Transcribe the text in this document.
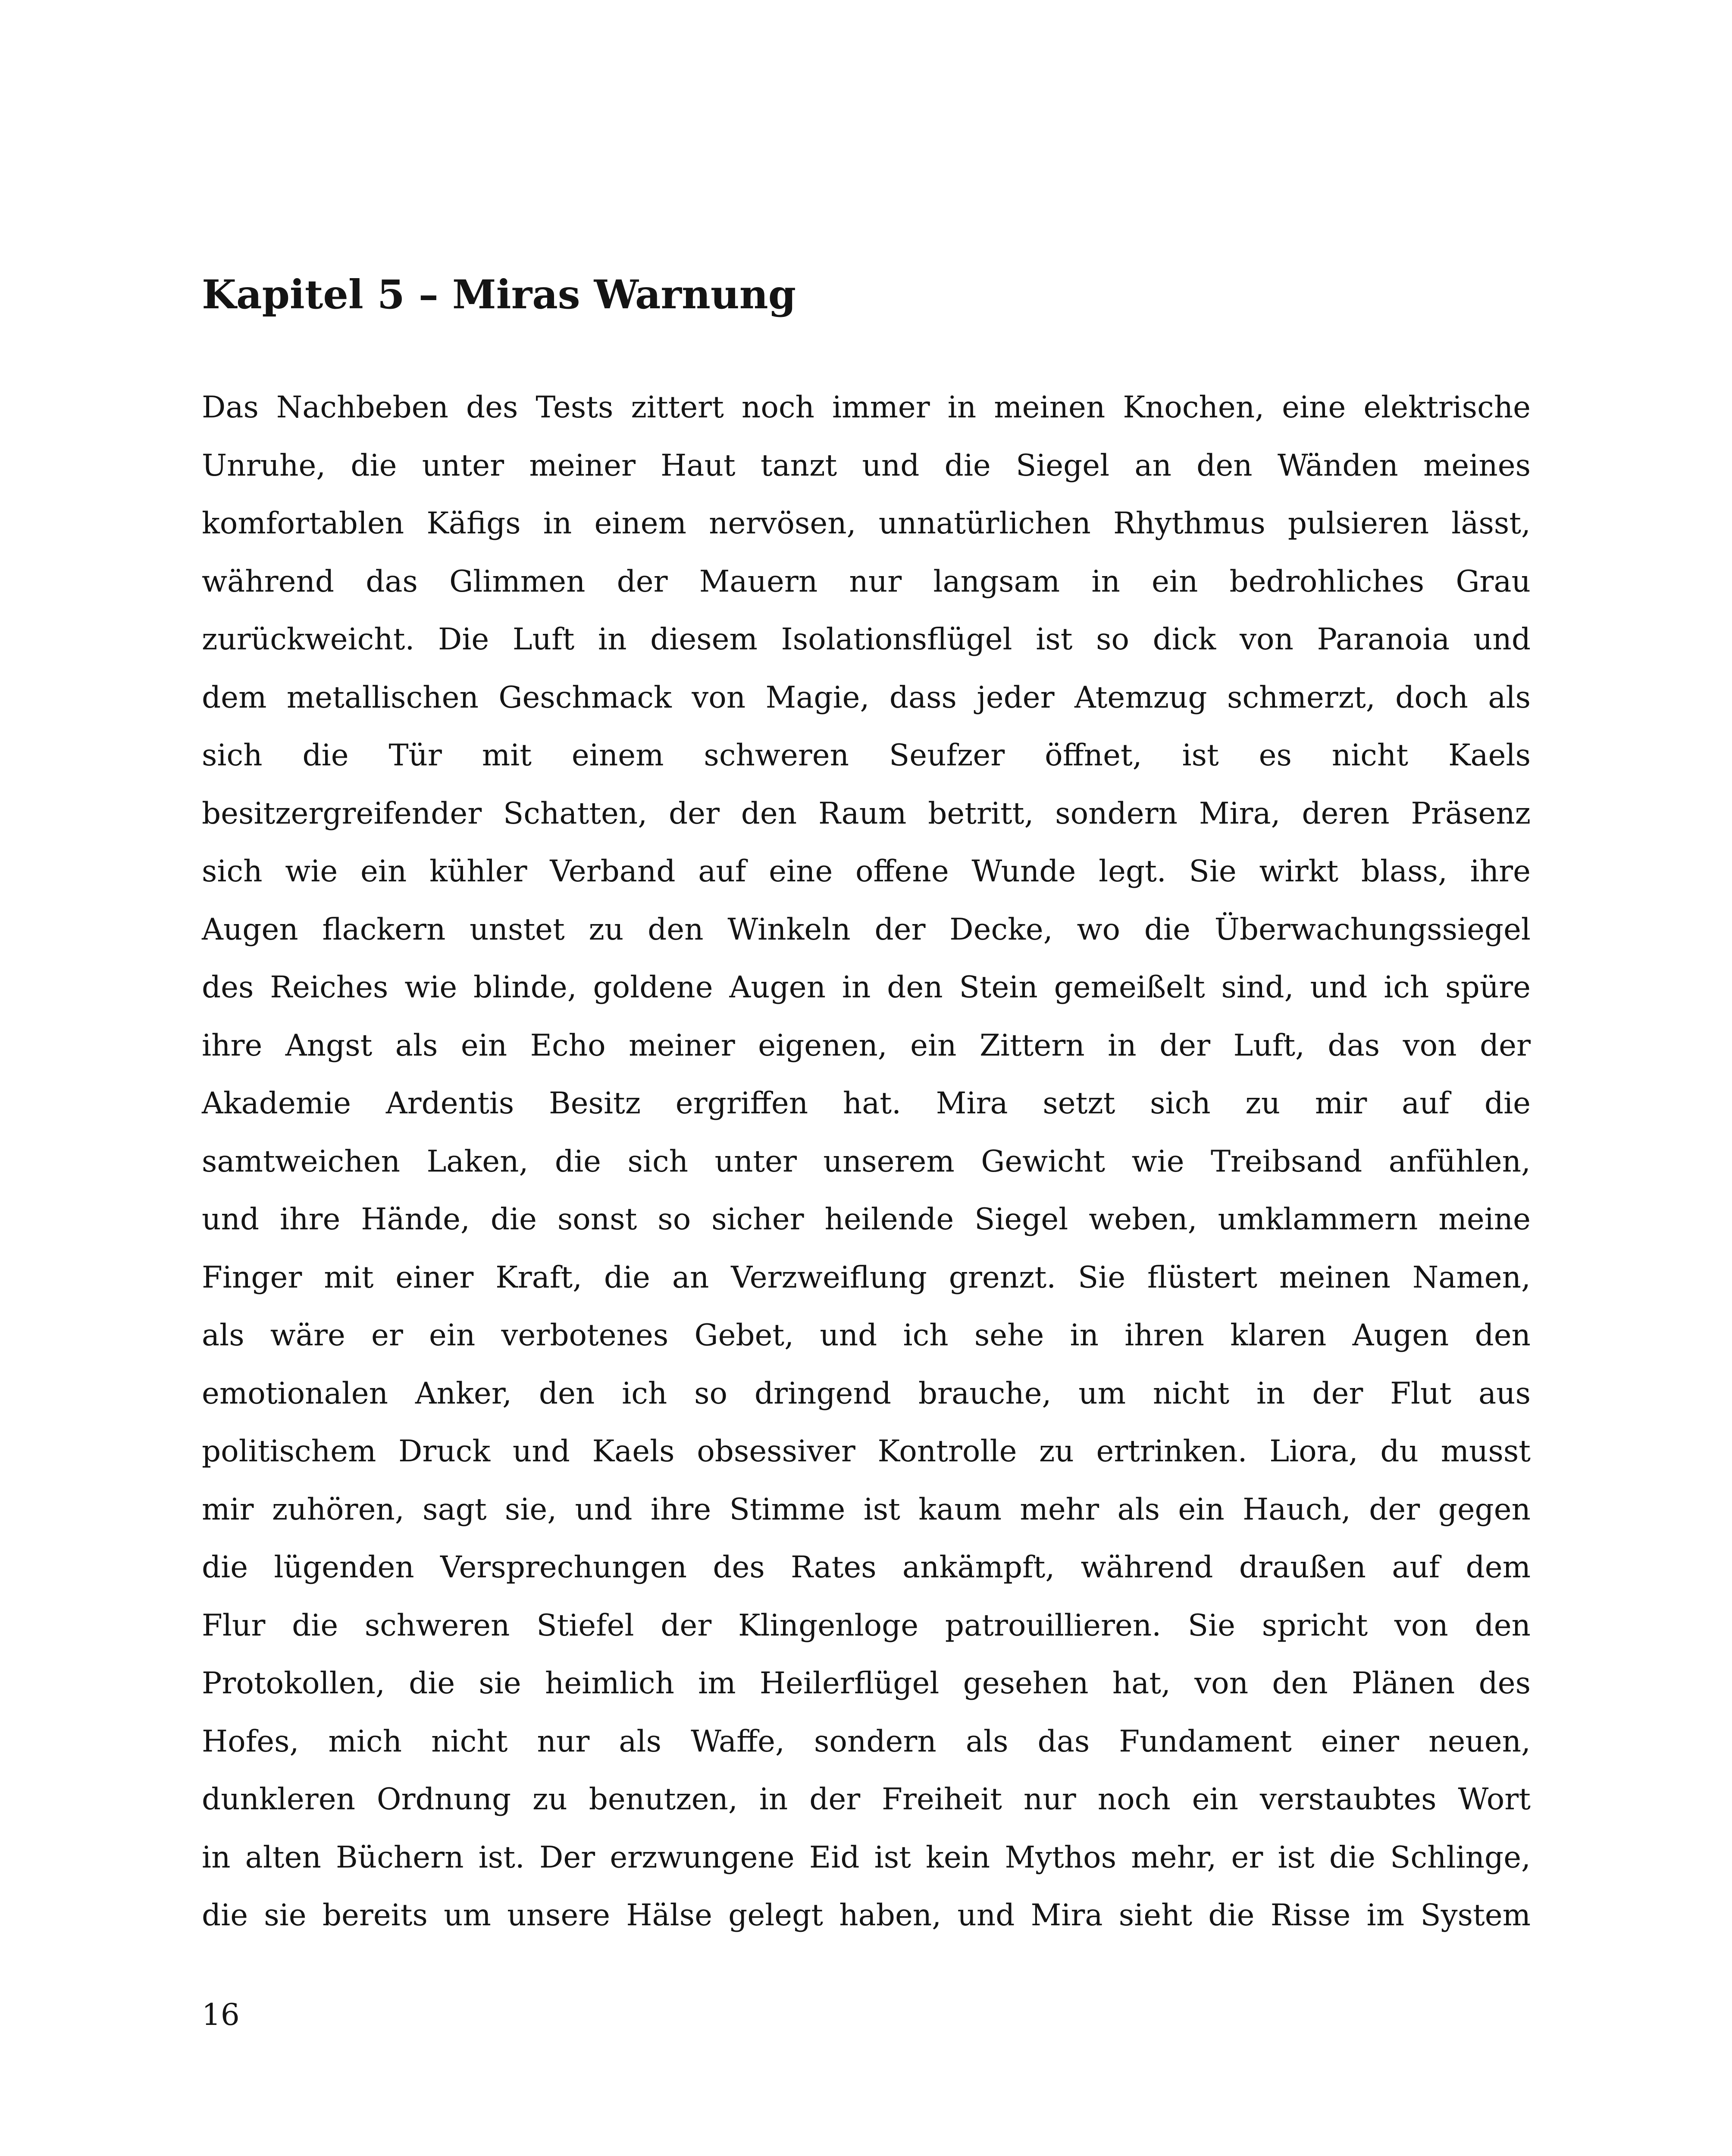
Kapitel 5 – Miras Warnung
Das Nachbeben des Tests zittert noch immer in meinen Knochen, eine elektrische
Unruhe, die unter meiner Haut tanzt und die Siegel an den Wänden meines
komfortablen Käfigs in einem nervösen, unnatürlichen Rhythmus pulsieren lässt,
während das Glimmen der Mauern nur langsam in ein bedrohliches Grau
zurückweicht. Die Luft in diesem Isolationsflügel ist so dick von Paranoia und
dem metallischen Geschmack von Magie, dass jeder Atemzug schmerzt, doch als
sich die Tür mit einem schweren Seufzer öffnet, ist es nicht Kaels
besitzergreifender Schatten, der den Raum betritt, sondern Mira, deren Präsenz
sich wie ein kühler Verband auf eine offene Wunde legt. Sie wirkt blass, ihre
Augen flackern unstet zu den Winkeln der Decke, wo die Überwachungssiegel
des Reiches wie blinde, goldene Augen in den Stein gemeißelt sind, und ich spüre
ihre Angst als ein Echo meiner eigenen, ein Zittern in der Luft, das von der
Akademie Ardentis Besitz ergriffen hat. Mira setzt sich zu mir auf die
samtweichen Laken, die sich unter unserem Gewicht wie Treibsand anfühlen,
und ihre Hände, die sonst so sicher heilende Siegel weben, umklammern meine
Finger mit einer Kraft, die an Verzweiflung grenzt. Sie flüstert meinen Namen,
als wäre er ein verbotenes Gebet, und ich sehe in ihren klaren Augen den
emotionalen Anker, den ich so dringend brauche, um nicht in der Flut aus
politischem Druck und Kaels obsessiver Kontrolle zu ertrinken. Liora, du musst
mir zuhören, sagt sie, und ihre Stimme ist kaum mehr als ein Hauch, der gegen
die lügenden Versprechungen des Rates ankämpft, während draußen auf dem
Flur die schweren Stiefel der Klingenloge patrouillieren. Sie spricht von den
Protokollen, die sie heimlich im Heilerflügel gesehen hat, von den Plänen des
Hofes, mich nicht nur als Waffe, sondern als das Fundament einer neuen,
dunkleren Ordnung zu benutzen, in der Freiheit nur noch ein verstaubtes Wort
in alten Büchern ist. Der erzwungene Eid ist kein Mythos mehr, er ist die Schlinge,
die sie bereits um unsere Hälse gelegt haben, und Mira sieht die Risse im System
16
